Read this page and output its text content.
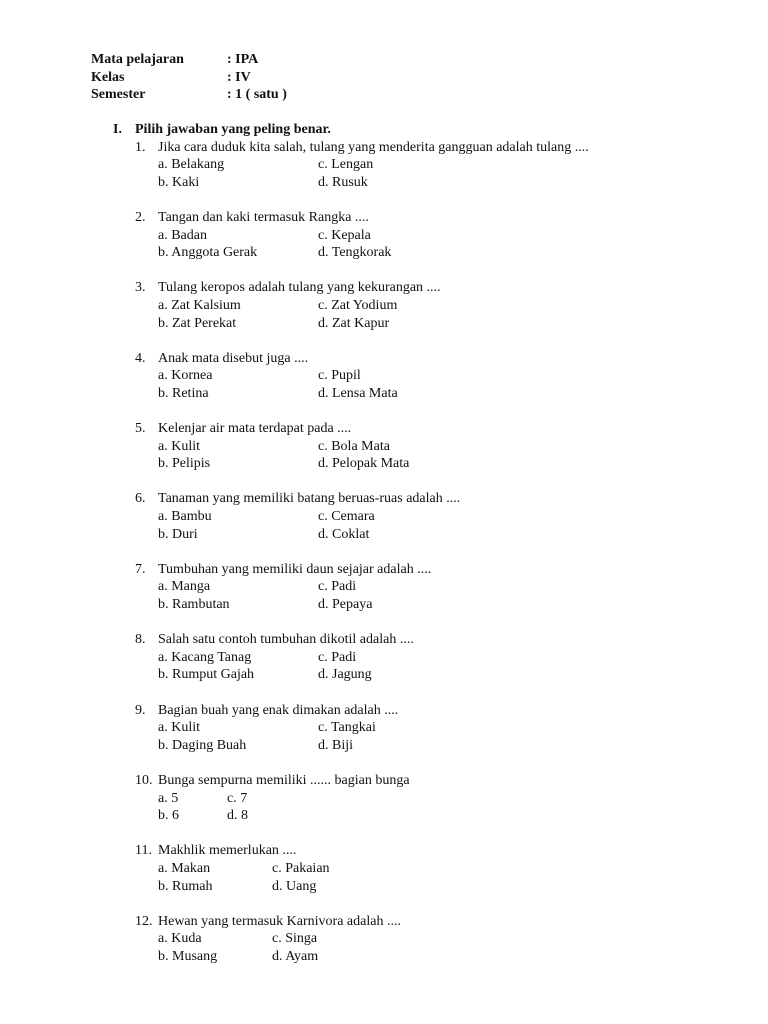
Mata pelajaran	: IPA
Kelas	: IV
Semester	: 1 ( satu )
I. Pilih jawaban yang peling benar.
1. Jika cara duduk kita salah, tulang yang menderita gangguan adalah tulang ....
a. Belakang	c. Lengan
b. Kaki	d. Rusuk
2. Tangan dan kaki termasuk Rangka ....
a. Badan	c. Kepala
b. Anggota Gerak	d. Tengkorak
3. Tulang keropos adalah tulang yang kekurangan ....
a. Zat Kalsium	c. Zat Yodium
b. Zat Perekat	d. Zat Kapur
4. Anak mata disebut juga ....
a. Kornea	c. Pupil
b. Retina	d. Lensa Mata
5. Kelenjar air mata terdapat pada ....
a. Kulit	c. Bola Mata
b. Pelipis	d. Pelopak Mata
6. Tanaman yang memiliki batang beruas-ruas adalah ....
a. Bambu	c. Cemara
b. Duri	d. Coklat
7. Tumbuhan yang memiliki daun sejajar adalah ....
a. Manga	c. Padi
b. Rambutan	d. Pepaya
8. Salah satu contoh tumbuhan dikotil adalah ....
a. Kacang Tanag	c. Padi
b. Rumput Gajah	d. Jagung
9. Bagian buah yang enak dimakan adalah ....
a. Kulit	c. Tangkai
b. Daging Buah	d. Biji
10. Bunga sempurna memiliki ...... bagian bunga
a. 5	c. 7
b. 6	d. 8
11. Makhlik memerlukan ....
a. Makan	c. Pakaian
b. Rumah	d. Uang
12. Hewan yang termasuk Karnivora adalah ....
a. Kuda	c. Singa
b. Musang	d. Ayam
